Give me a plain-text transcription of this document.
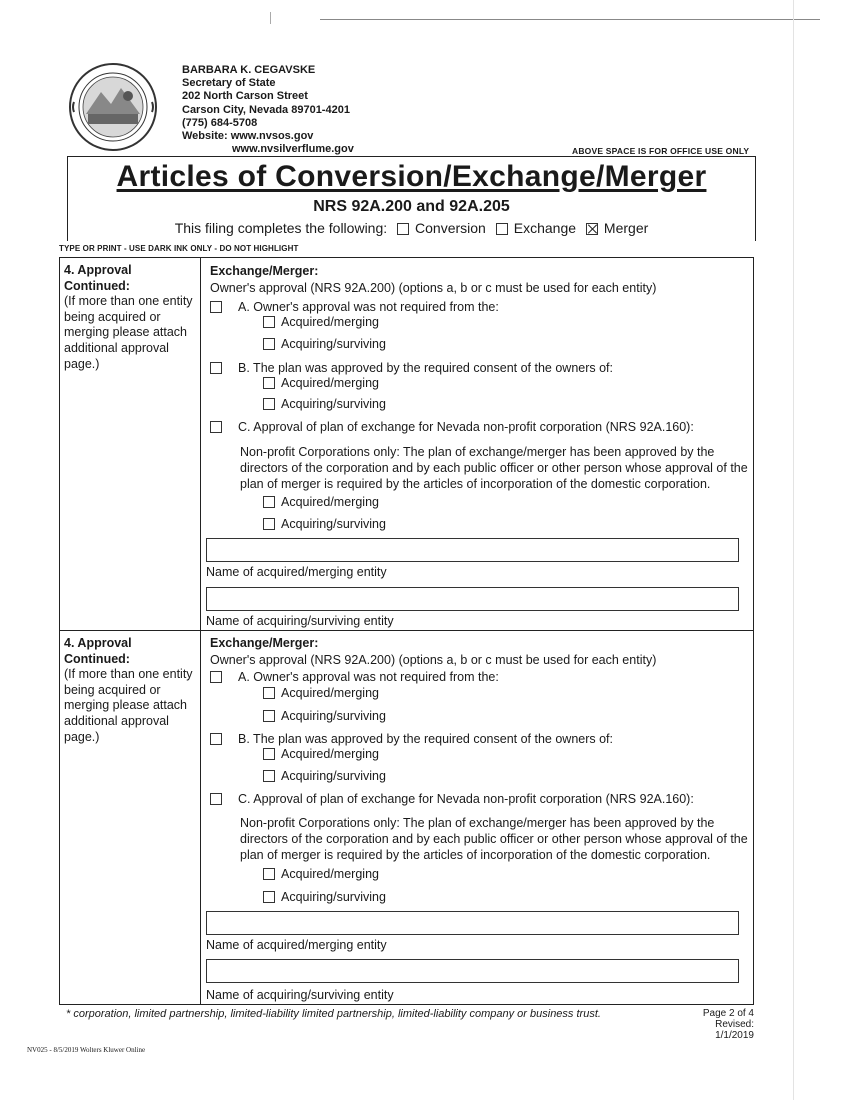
BARBARA K. CEGAVSKE
Secretary of State
202 North Carson Street
Carson City, Nevada 89701-4201
(775) 684-5708
Website: www.nvsos.gov
www.nvsilverflume.gov	ABOVE SPACE IS FOR OFFICE USE ONLY
Articles of Conversion/Exchange/Merger
NRS 92A.200 and 92A.205
This filing completes the following: Conversion Exchange Merger
TYPE OR PRINT - USE DARK INK ONLY - DO NOT HIGHLIGHT
4. Approval
Continued:
(If more than one entity
being acquired or
merging please attach
additional approval
page.)
Exchange/Merger:
Owner's approval (NRS 92A.200) (options a, b or c must be used for each entity)
A. Owner's approval was not required from the:
Acquired/merging
Acquiring/surviving
B. The plan was approved by the required consent of the owners of:
Acquired/merging
Acquiring/surviving
C. Approval of plan of exchange for Nevada non-profit corporation (NRS 92A.160):
Non-profit Corporations only: The plan of exchange/merger has been approved by the directors of the corporation and by each public officer or other person whose approval of the plan of merger is required by the articles of incorporation of the domestic corporation.
Acquired/merging
Acquiring/surviving
Name of acquired/merging entity
Name of acquiring/surviving entity
4. Approval
Continued:
(If more than one entity
being acquired or
merging please attach
additional approval
page.)
Exchange/Merger:
Owner's approval (NRS 92A.200) (options a, b or c must be used for each entity)
A. Owner's approval was not required from the:
Acquired/merging
Acquiring/surviving
B. The plan was approved by the required consent of the owners of:
Acquired/merging
Acquiring/surviving
C. Approval of plan of exchange for Nevada non-profit corporation (NRS 92A.160):
Non-profit Corporations only: The plan of exchange/merger has been approved by the directors of the corporation and by each public officer or other person whose approval of the plan of merger is required by the articles of incorporation of the domestic corporation.
Acquired/merging
Acquiring/surviving
Name of acquired/merging entity
Name of acquiring/surviving entity
* corporation, limited partnership, limited-liability limited partnership, limited-liability company or business trust.	Page 2 of 4
Revised: 1/1/2019
NV025 - 8/5/2019 Wolters Kluwer Online
